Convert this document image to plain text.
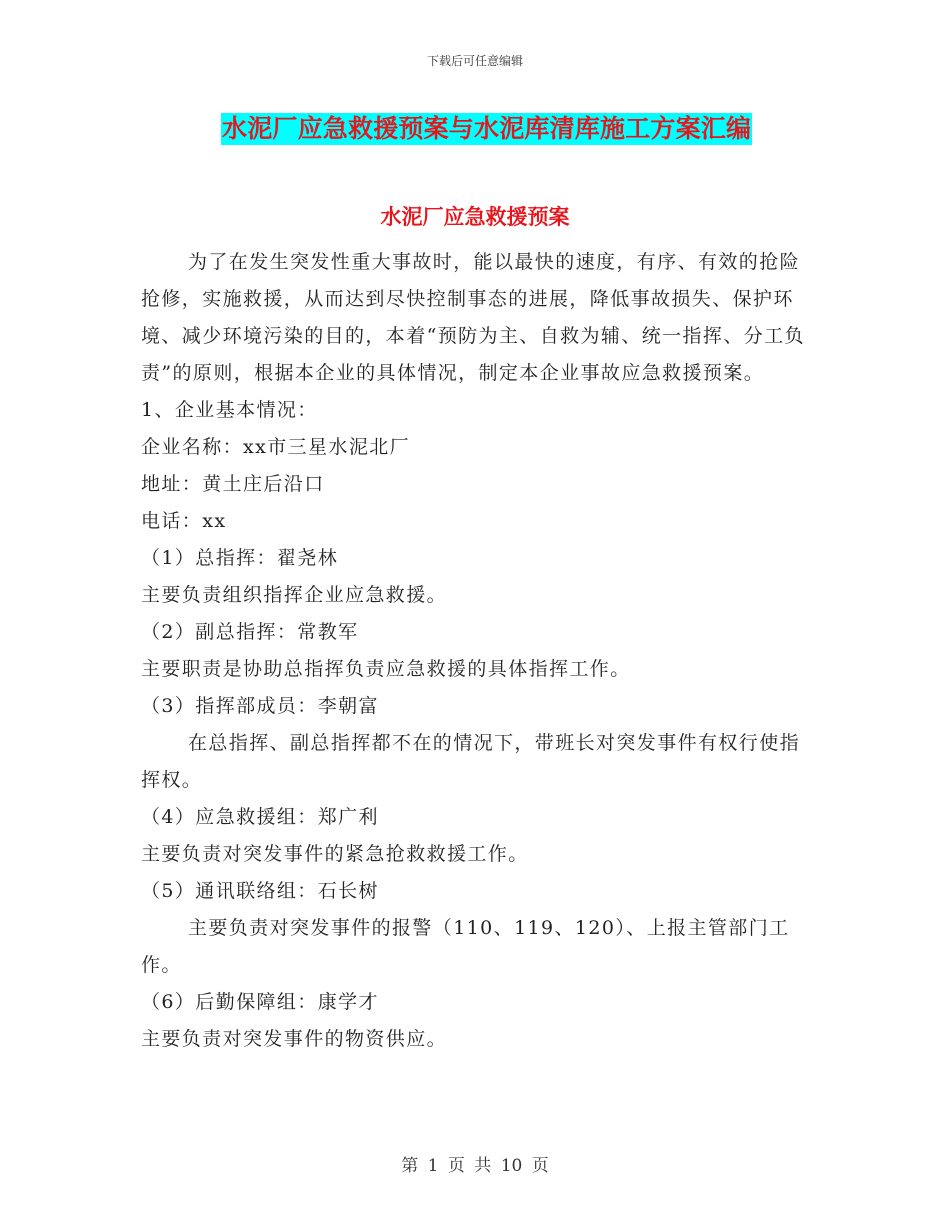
下载后可任意编辑
水泥厂应急救援预案与水泥库清库施工方案汇编
水泥厂应急救援预案

为了在发生突发性重大事故时，能以最快的速度，有序、有效的抢险抢修，实施救援，从而达到尽快控制事态的进展，降低事故损失、保护环境、减少环境污染的目的，本着“预防为主、自救为辅、统一指挥、分工负责”的原则，根据本企业的具体情况，制定本企业事故应急救援预案。

1、企业基本情况：

企业名称：xx市三星水泥北厂

地址：黄土庄后沿口

电话：xx

（1）总指挥：翟尧林

主要负责组织指挥企业应急救援。

（2）副总指挥：常教军

主要职责是协助总指挥负责应急救援的具体指挥工作。

（3）指挥部成员：李朝富

在总指挥、副总指挥都不在的情况下，带班长对突发事件有权行使指挥权。

（4）应急救援组：郑广利

主要负责对突发事件的紧急抢救救援工作。

（5）通讯联络组：石长树

主要负责对突发事件的报警（110、119、120）、上报主管部门工作。

（6）后勤保障组：康学才

主要负责对突发事件的物资供应。

第 1 页 共 10 页
